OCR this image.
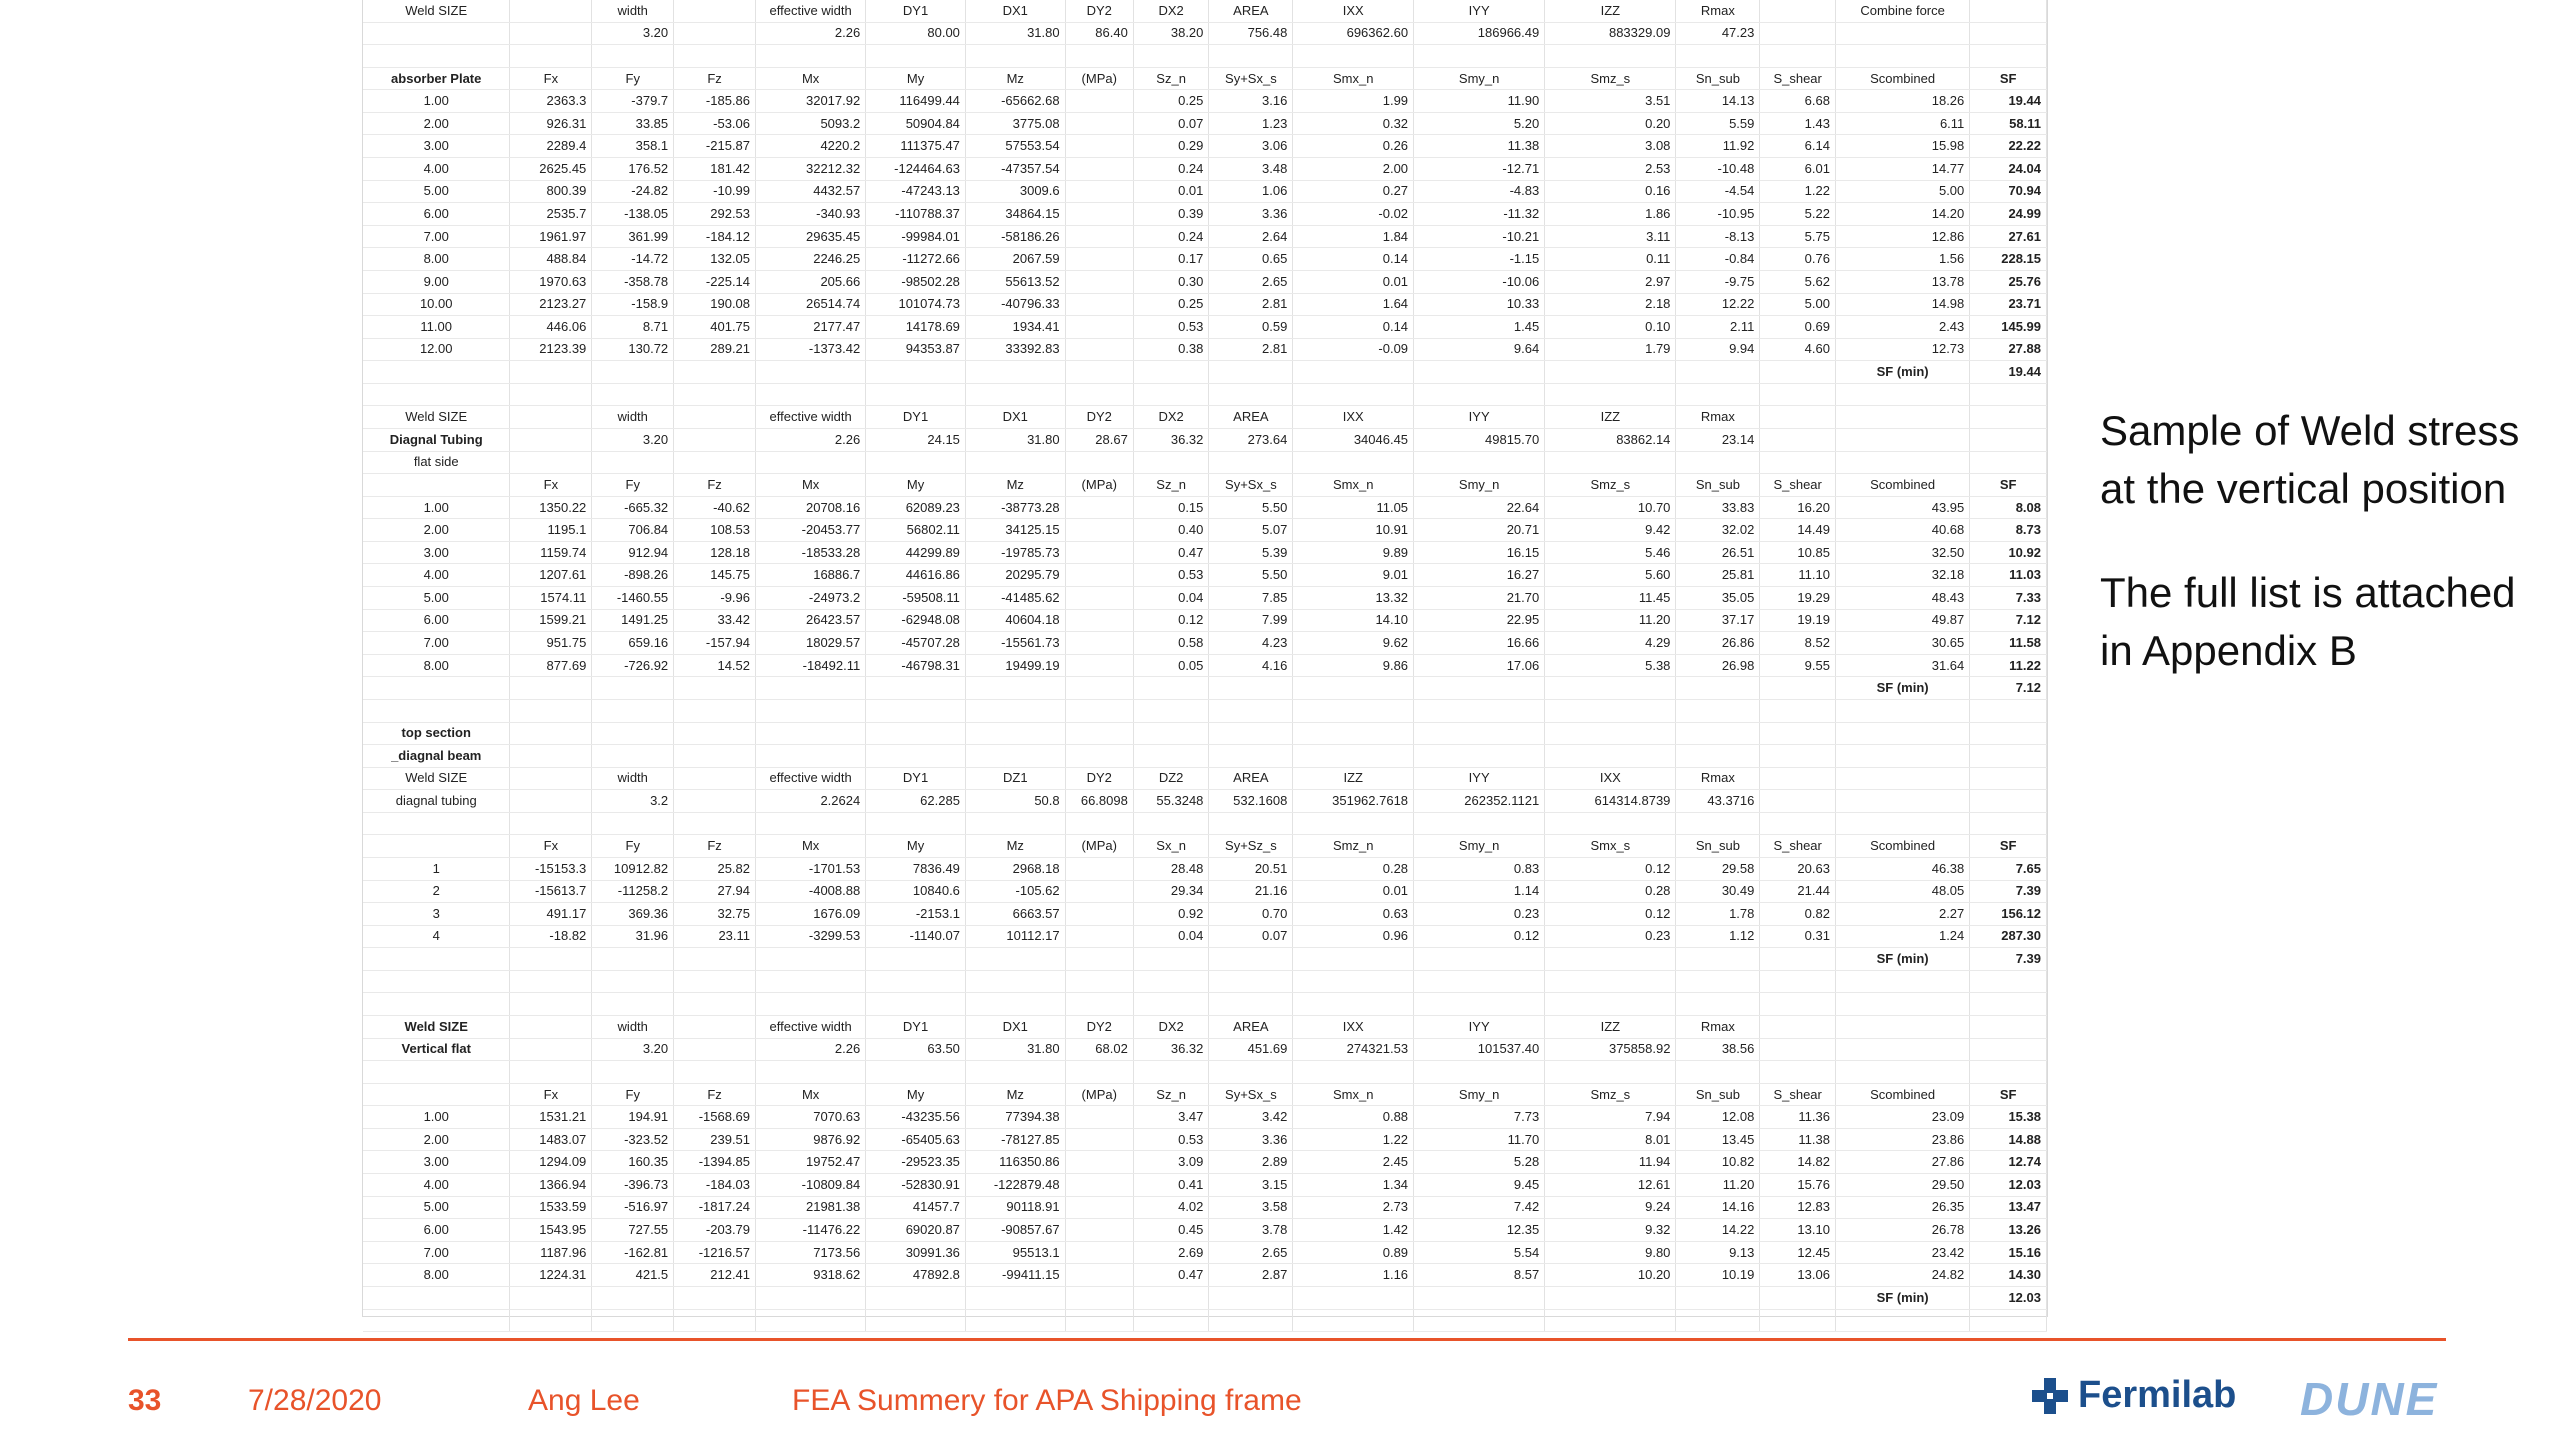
Weld SIZE		width		effective width	DY1	DX1	DY2	DX2	AREA	IXX	IYY	IZZ	Rmax		Combine force	
		3.20		2.26	80.00	31.80	86.40	38.20	756.48	696362.60	186966.49	883329.09	47.23			

absorber Plate	Fx	Fy	Fz	Mx	My	Mz	(MPa)	Sz_n	Sy+Sx_s	Smx_n	Smy_n	Smz_s	Sn_sub	S_shear	Scombined	SF
1.00	2363.3	-379.7	-185.86	32017.92	116499.44	-65662.68		0.25	3.16	1.99	11.90	3.51	14.13	6.68	18.26	19.44
2.00	926.31	33.85	-53.06	5093.2	50904.84	3775.08		0.07	1.23	0.32	5.20	0.20	5.59	1.43	6.11	58.11
3.00	2289.4	358.1	-215.87	4220.2	111375.47	57553.54		0.29	3.06	0.26	11.38	3.08	11.92	6.14	15.98	22.22
4.00	2625.45	176.52	181.42	32212.32	-124464.63	-47357.54		0.24	3.48	2.00	-12.71	2.53	-10.48	6.01	14.77	24.04
5.00	800.39	-24.82	-10.99	4432.57	-47243.13	3009.6		0.01	1.06	0.27	-4.83	0.16	-4.54	1.22	5.00	70.94
6.00	2535.7	-138.05	292.53	-340.93	-110788.37	34864.15		0.39	3.36	-0.02	-11.32	1.86	-10.95	5.22	14.20	24.99
7.00	1961.97	361.99	-184.12	29635.45	-99984.01	-58186.26		0.24	2.64	1.84	-10.21	3.11	-8.13	5.75	12.86	27.61
8.00	488.84	-14.72	132.05	2246.25	-11272.66	2067.59		0.17	0.65	0.14	-1.15	0.11	-0.84	0.76	1.56	228.15
9.00	1970.63	-358.78	-225.14	205.66	-98502.28	55613.52		0.30	2.65	0.01	-10.06	2.97	-9.75	5.62	13.78	25.76
10.00	2123.27	-158.9	190.08	26514.74	101074.73	-40796.33		0.25	2.81	1.64	10.33	2.18	12.22	5.00	14.98	23.71
11.00	446.06	8.71	401.75	2177.47	14178.69	1934.41		0.53	0.59	0.14	1.45	0.10	2.11	0.69	2.43	145.99
12.00	2123.39	130.72	289.21	-1373.42	94353.87	33392.83		0.38	2.81	-0.09	9.64	1.79	9.94	4.60	12.73	27.88
															SF (min)	19.44

Weld SIZE		width		effective width	DY1	DX1	DY2	DX2	AREA	IXX	IYY	IZZ	Rmax			
Diagnal Tubing		3.20		2.26	24.15	31.80	28.67	36.32	273.64	34046.45	49815.70	83862.14	23.14			
flat side																
	Fx	Fy	Fz	Mx	My	Mz	(MPa)	Sz_n	Sy+Sx_s	Smx_n	Smy_n	Smz_s	Sn_sub	S_shear	Scombined	SF
1.00	1350.22	-665.32	-40.62	20708.16	62089.23	-38773.28		0.15	5.50	11.05	22.64	10.70	33.83	16.20	43.95	8.08
2.00	1195.1	706.84	108.53	-20453.77	56802.11	34125.15		0.40	5.07	10.91	20.71	9.42	32.02	14.49	40.68	8.73
3.00	1159.74	912.94	128.18	-18533.28	44299.89	-19785.73		0.47	5.39	9.89	16.15	5.46	26.51	10.85	32.50	10.92
4.00	1207.61	-898.26	145.75	16886.7	44616.86	20295.79		0.53	5.50	9.01	16.27	5.60	25.81	11.10	32.18	11.03
5.00	1574.11	-1460.55	-9.96	-24973.2	-59508.11	-41485.62		0.04	7.85	13.32	21.70	11.45	35.05	19.29	48.43	7.33
6.00	1599.21	1491.25	33.42	26423.57	-62948.08	40604.18		0.12	7.99	14.10	22.95	11.20	37.17	19.19	49.87	7.12
7.00	951.75	659.16	-157.94	18029.57	-45707.28	-15561.73		0.58	4.23	9.62	16.66	4.29	26.86	8.52	30.65	11.58
8.00	877.69	-726.92	14.52	-18492.11	-46798.31	19499.19		0.05	4.16	9.86	17.06	5.38	26.98	9.55	31.64	11.22
															SF (min)	7.12

top section																
_diagnal beam																
Weld SIZE		width		effective width	DY1	DZ1	DY2	DZ2	AREA	IZZ	IYY	IXX	Rmax			
diagnal tubing		3.2		2.2624	62.285	50.8	66.8098	55.3248	532.1608	351962.7618	262352.1121	614314.8739	43.3716			

	Fx	Fy	Fz	Mx	My	Mz	(MPa)	Sx_n	Sy+Sz_s	Smz_n	Smy_n	Smx_s	Sn_sub	S_shear	Scombined	SF
1	-15153.3	10912.82	25.82	-1701.53	7836.49	2968.18		28.48	20.51	0.28	0.83	0.12	29.58	20.63	46.38	7.65
2	-15613.7	-11258.2	27.94	-4008.88	10840.6	-105.62		29.34	21.16	0.01	1.14	0.28	30.49	21.44	48.05	7.39
3	491.17	369.36	32.75	1676.09	-2153.1	6663.57		0.92	0.70	0.63	0.23	0.12	1.78	0.82	2.27	156.12
4	-18.82	31.96	23.11	-3299.53	-1140.07	10112.17		0.04	0.07	0.96	0.12	0.23	1.12	0.31	1.24	287.30
															SF (min)	7.39

Weld SIZE		width		effective width	DY1	DX1	DY2	DX2	AREA	IXX	IYY	IZZ	Rmax			
Vertical flat		3.20		2.26	63.50	31.80	68.02	36.32	451.69	274321.53	101537.40	375858.92	38.56			

	Fx	Fy	Fz	Mx	My	Mz	(MPa)	Sz_n	Sy+Sx_s	Smx_n	Smy_n	Smz_s	Sn_sub	S_shear	Scombined	SF
1.00	1531.21	194.91	-1568.69	7070.63	-43235.56	77394.38		3.47	3.42	0.88	7.73	7.94	12.08	11.36	23.09	15.38
2.00	1483.07	-323.52	239.51	9876.92	-65405.63	-78127.85		0.53	3.36	1.22	11.70	8.01	13.45	11.38	23.86	14.88
3.00	1294.09	160.35	-1394.85	19752.47	-29523.35	116350.86		3.09	2.89	2.45	5.28	11.94	10.82	14.82	27.86	12.74
4.00	1366.94	-396.73	-184.03	-10809.84	-52830.91	-122879.48		0.41	3.15	1.34	9.45	12.61	11.20	15.76	29.50	12.03
5.00	1533.59	-516.97	-1817.24	21981.38	41457.7	90118.91		4.02	3.58	2.73	7.42	9.24	14.16	12.83	26.35	13.47
6.00	1543.95	727.55	-203.79	-11476.22	69020.87	-90857.67		0.45	3.78	1.42	12.35	9.32	14.22	13.10	26.78	13.26
7.00	1187.96	-162.81	-1216.57	7173.56	30991.36	95513.1		2.69	2.65	0.89	5.54	9.80	9.13	12.45	23.42	15.16
8.00	1224.31	421.5	212.41	9318.62	47892.8	-99411.15		0.47	2.87	1.16	8.57	10.20	10.19	13.06	24.82	14.30
															SF (min)	12.03

Sample of Weld stress at the vertical position

The full list is attached in Appendix B

33	7/28/2020	Ang Lee	FEA Summery for APA Shipping frame	Fermilab DUNE
